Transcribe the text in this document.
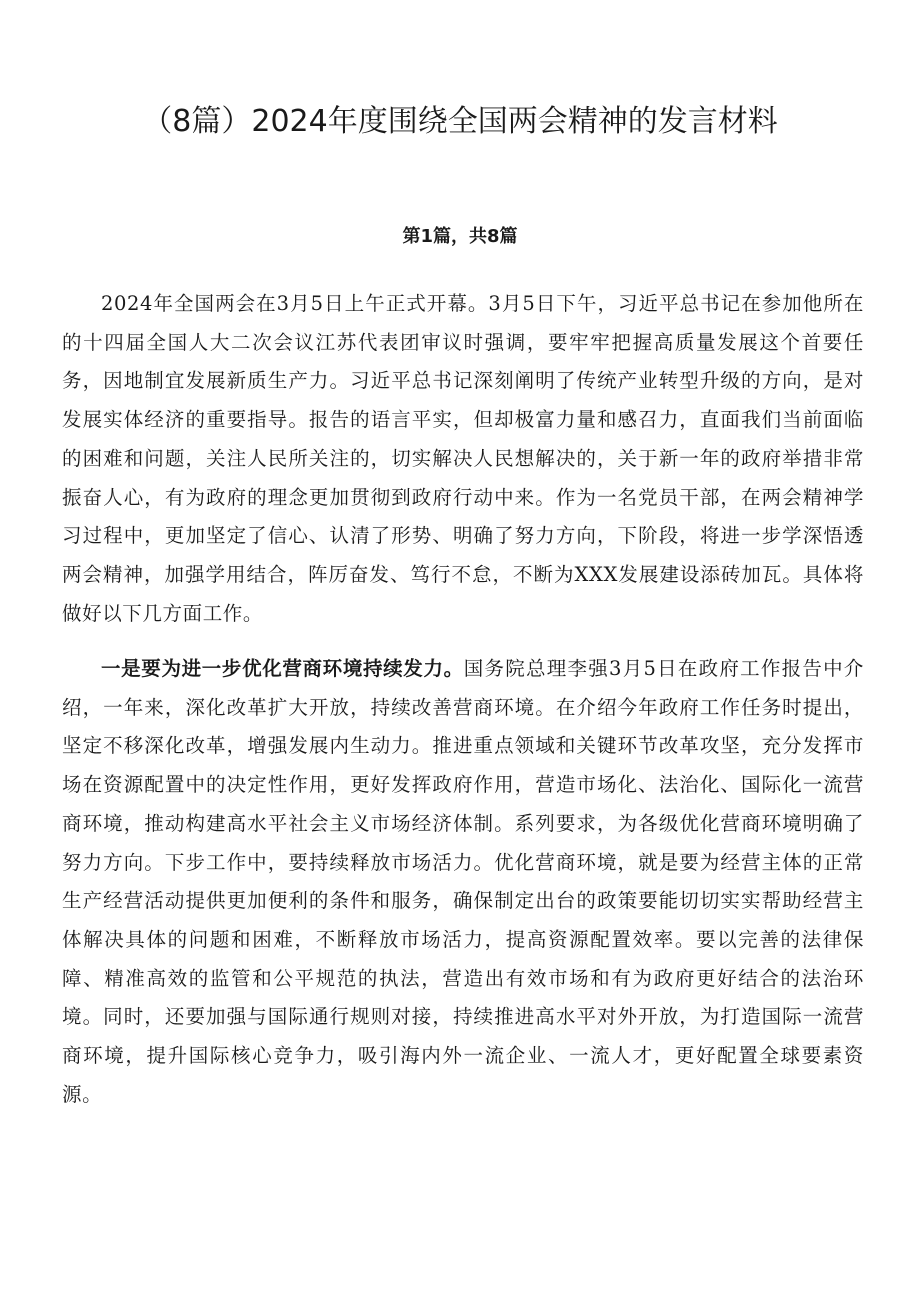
（8篇）2024年度围绕全国两会精神的发言材料
第1篇，共8篇

2024年全国两会在3月5日上午正式开幕。3月5日下午，习近平总书记在参加他所在的十四届全国人大二次会议江苏代表团审议时强调，要牢牢把握高质量发展这个首要任务，因地制宜发展新质生产力。习近平总书记深刻阐明了传统产业转型升级的方向，是对发展实体经济的重要指导。报告的语言平实，但却极富力量和感召力，直面我们当前面临的困难和问题，关注人民所关注的，切实解决人民想解决的，关于新一年的政府举措非常振奋人心，有为政府的理念更加贯彻到政府行动中来。作为一名党员干部，在两会精神学习过程中，更加坚定了信心、认清了形势、明确了努力方向，下阶段，将进一步学深悟透两会精神，加强学用结合，阵厉奋发、笃行不怠，不断为XXX发展建设添砖加瓦。具体将做好以下几方面工作。

一是要为进一步优化营商环境持续发力。国务院总理李强3月5日在政府工作报告中介绍，一年来，深化改革扩大开放，持续改善营商环境。在介绍今年政府工作任务时提出，坚定不移深化改革，增强发展内生动力。推进重点领域和关键环节改革攻坚，充分发挥市场在资源配置中的决定性作用，更好发挥政府作用，营造市场化、法治化、国际化一流营商环境，推动构建高水平社会主义市场经济体制。系列要求，为各级优化营商环境明确了努力方向。下步工作中，要持续释放市场活力。优化营商环境，就是要为经营主体的正常生产经营活动提供更加便利的条件和服务，确保制定出台的政策要能切切实实帮助经营主体解决具体的问题和困难，不断释放市场活力，提高资源配置效率。要以完善的法律保障、精准高效的监管和公平规范的执法，营造出有效市场和有为政府更好结合的法治环境。同时，还要加强与国际通行规则对接，持续推进高水平对外开放，为打造国际一流营商环境，提升国际核心竞争力，吸引海内外一流企业、一流人才，更好配置全球要素资源。
